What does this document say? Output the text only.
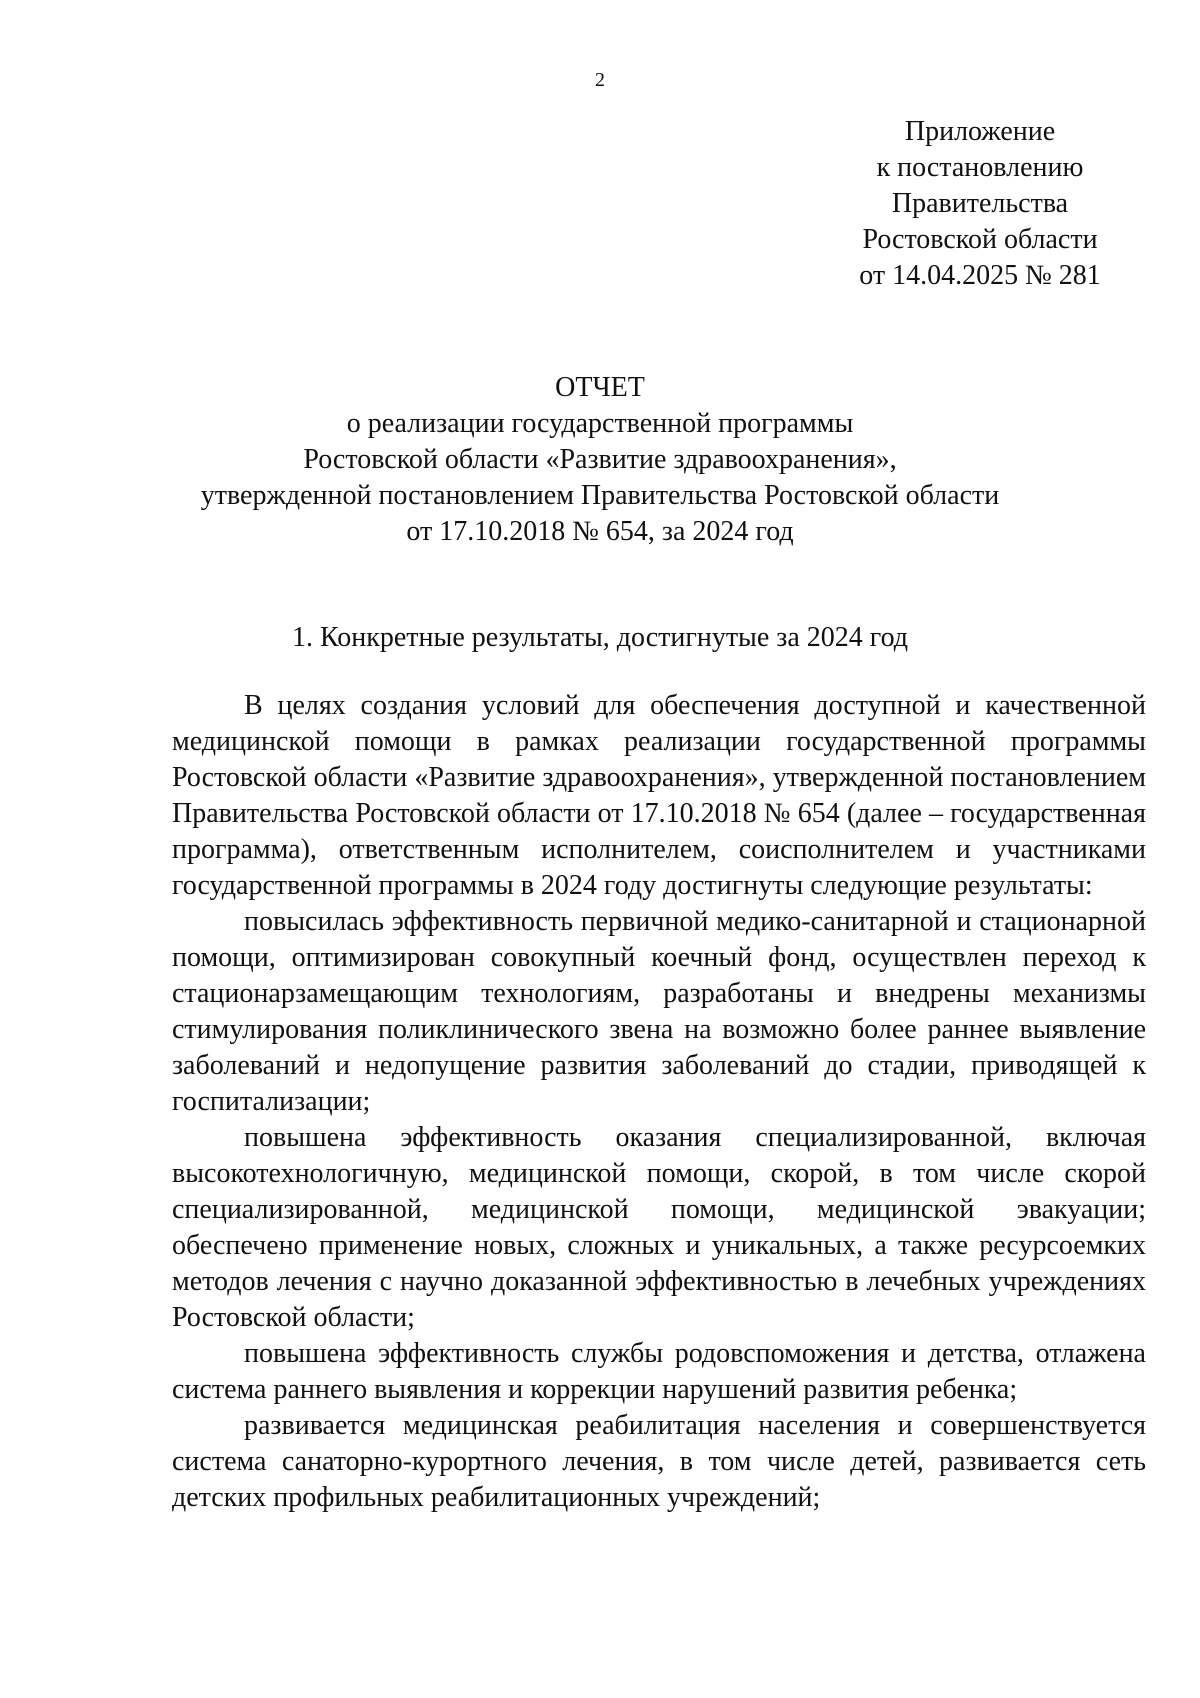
2
Приложение
к постановлению
Правительства
Ростовской области
от 14.04.2025 № 281
ОТЧЕТ
о реализации государственной программы
Ростовской области «Развитие здравоохранения»,
утвержденной постановлением Правительства Ростовской области
от 17.10.2018 № 654, за 2024 год
1. Конкретные результаты, достигнутые за 2024 год

В целях создания условий для обеспечения доступной и качественной медицинской помощи в рамках реализации государственной программы Ростовской области «Развитие здравоохранения», утвержденной постановлением Правительства Ростовской области от 17.10.2018 № 654 (далее – государственная программа), ответственным исполнителем, соисполнителем и участниками государственной программы в 2024 году достигнуты следующие результаты:

повысилась эффективность первичной медико-санитарной и стационарной помощи, оптимизирован совокупный коечный фонд, осуществлен переход к стационарзамещающим технологиям, разработаны и внедрены механизмы стимулирования поликлинического звена на возможно более раннее выявление заболеваний и недопущение развития заболеваний до стадии, приводящей к госпитализации;

повышена эффективность оказания специализированной, включая высокотехнологичную, медицинской помощи, скорой, в том числе скорой специализированной, медицинской помощи, медицинской эвакуации; обеспечено применение новых, сложных и уникальных, а также ресурсоемких методов лечения с научно доказанной эффективностью в лечебных учреждениях Ростовской области;

повышена эффективность службы родовспоможения и детства, отлажена система раннего выявления и коррекции нарушений развития ребенка;

развивается медицинская реабилитация населения и совершенствуется система санаторно-курортного лечения, в том числе детей, развивается сеть детских профильных реабилитационных учреждений;
